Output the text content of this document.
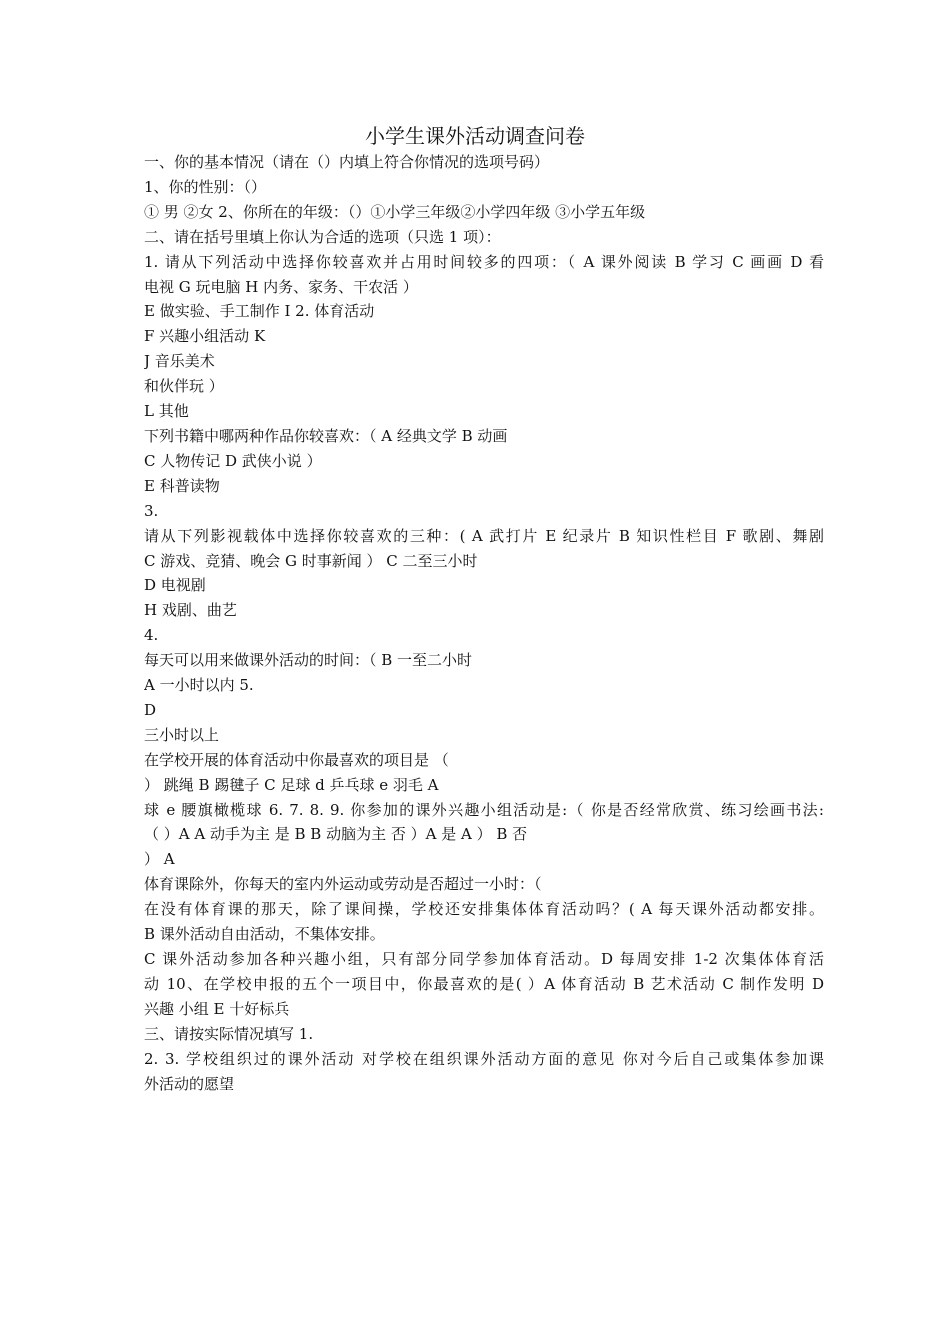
小学生课外活动调查问卷
一、你的基本情况（请在（）内填上符合你情况的选项号码）
1、你的性别：（）
① 男 ②女 2、你所在的年级：（）①小学三年级②小学四年级 ③小学五年级
二、请在括号里填上你认为合适的选项（只选 1 项）：
1. 请从下列活动中选择你较喜欢并占用时间较多的四项：（ A 课外阅读 B 学习 C 画画 D 看
电视 G 玩电脑 H 内务、家务、干农活 ）
E 做实验、手工制作 I 2. 体育活动
F 兴趣小组活动 K
J 音乐美术
和伙伴玩 ）
L 其他
下列书籍中哪两种作品你较喜欢：（ A 经典文学 B 动画
C 人物传记 D 武侠小说 ）
E 科普读物
3.
请从下列影视载体中选择你较喜欢的三种：( A 武打片 E 纪录片 B 知识性栏目 F 歌剧、舞剧
C 游戏、竞猜、晚会 G 时事新闻 ） C 二至三小时
D 电视剧
H 戏剧、曲艺
4.
每天可以用来做课外活动的时间：（ B 一至二小时
A 一小时以内 5.
D
三小时以上
在学校开展的体育活动中你最喜欢的项目是 （
） 跳绳 B 踢毽子 C 足球 d 乒乓球 e 羽毛 A
球 e 腰旗橄榄球 6. 7. 8. 9. 你参加的课外兴趣小组活动是:（ 你是否经常欣赏、练习绘画书法:
（ ）A A 动手为主 是 B B 动脑为主 否 ）A 是 A ） B 否
） A
体育课除外，你每天的室内外运动或劳动是否超过一小时：（
在没有体育课的那天，除了课间操，学校还安排集体体育活动吗？( A 每天课外活动都安排。
B 课外活动自由活动，不集体安排。
C 课外活动参加各种兴趣小组，只有部分同学参加体育活动。D 每周安排 1-2 次集体体育活
动 10、在学校申报的五个一项目中，你最喜欢的是( ）A 体育活动 B 艺术活动 C 制作发明 D
兴趣 小组 E 十好标兵
三、请按实际情况填写 1.
2. 3. 学校组织过的课外活动 对学校在组织课外活动方面的意见 你对今后自己或集体参加课
外活动的愿望
